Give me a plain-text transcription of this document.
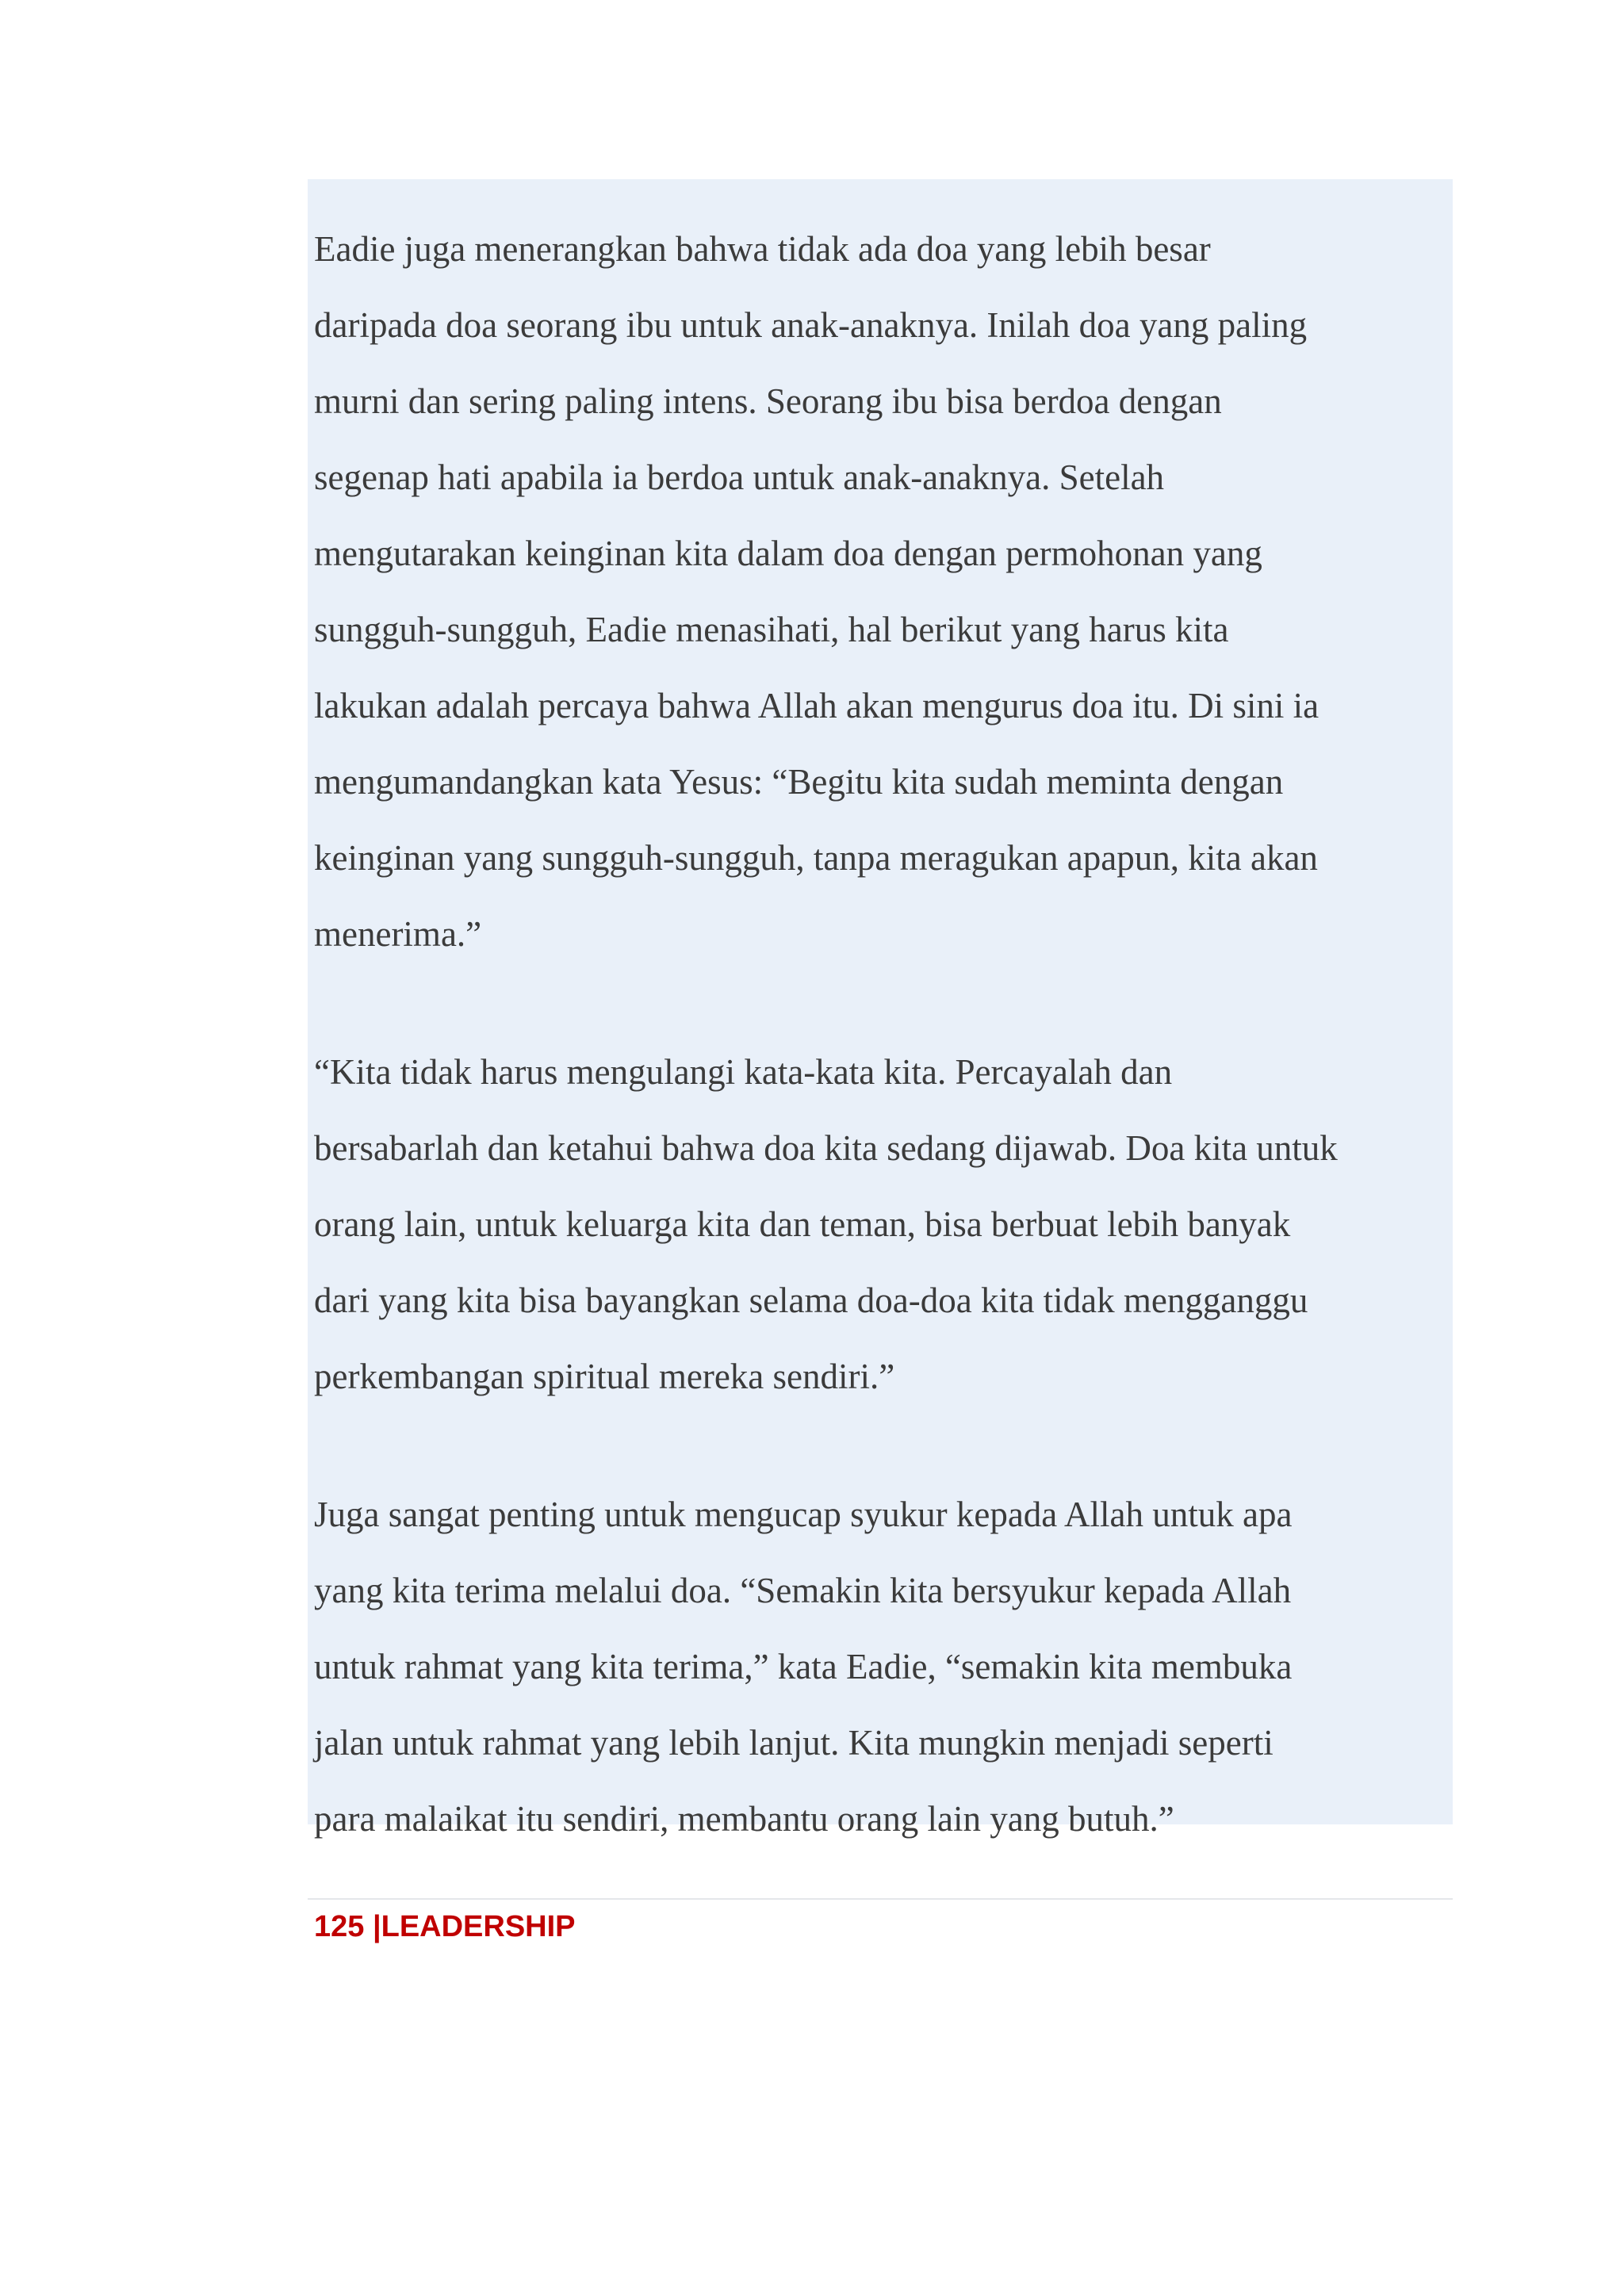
Eadie juga menerangkan bahwa tidak ada doa yang lebih besar
daripada doa seorang ibu untuk anak-anaknya. Inilah doa yang paling
murni dan sering paling intens. Seorang ibu bisa berdoa dengan
segenap hati apabila ia berdoa untuk anak-anaknya. Setelah
mengutarakan keinginan kita dalam doa dengan permohonan yang
sungguh-sungguh, Eadie menasihati, hal berikut yang harus kita
lakukan adalah percaya bahwa Allah akan mengurus doa itu. Di sini ia
mengumandangkan kata Yesus: “Begitu kita sudah meminta dengan
keinginan yang sungguh-sungguh, tanpa meragukan apapun, kita akan
menerima.”

“Kita tidak harus mengulangi kata-kata kita. Percayalah dan
bersabarlah dan ketahui bahwa doa kita sedang dijawab. Doa kita untuk
orang lain, untuk keluarga kita dan teman, bisa berbuat lebih banyak
dari yang kita bisa bayangkan selama doa-doa kita tidak mengganggu
perkembangan spiritual mereka sendiri.”

Juga sangat penting untuk mengucap syukur kepada Allah untuk apa
yang kita terima melalui doa. “Semakin kita bersyukur kepada Allah
untuk rahmat yang kita terima,” kata Eadie, “semakin kita membuka
jalan untuk rahmat yang lebih lanjut. Kita mungkin menjadi seperti
para malaikat itu sendiri, membantu orang lain yang butuh.”

125 |LEADERSHIP
